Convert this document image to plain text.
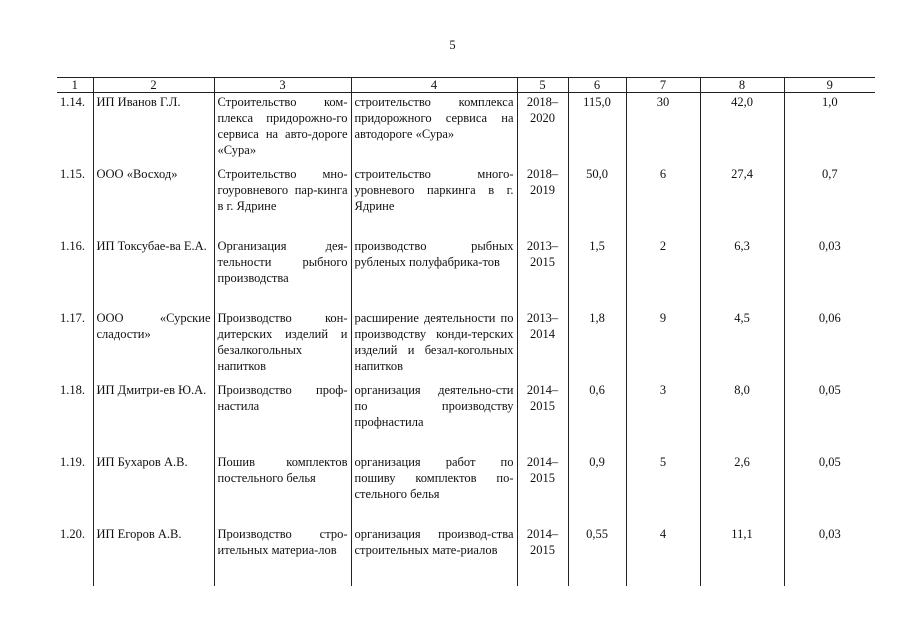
5
1	2	3	4	5	6	7	8	9
1.14.	ИП Иванов Г.Л.	Строительство ком-плекса придорожно-го сервиса на авто-дороге «Сура»	строительство комплекса придорожного сервиса на автодороге «Сура»	2018–2020	115,0	30	42,0	1,0
1.15.	ООО «Восход»	Строительство мно-гоуровневого пар-кинга в г. Ядрине	строительство много-уровневого паркинга в г. Ядрине	2018–2019	50,0	6	27,4	0,7
1.16.	ИП Токсубае-ва Е.А.	Организация дея-тельности рыбного производства	производство рыбных рубленых полуфабрика-тов	2013–2015	1,5	2	6,3	0,03
1.17.	ООО «Сурские сладости»	Производство кон-дитерских изделий и безалкогольных напитков	расширение деятельности по производству конди-терских изделий и безал-когольных напитков	2013–2014	1,8	9	4,5	0,06
1.18.	ИП Дмитри-ев Ю.А.	Производство проф-настила	организация деятельно-сти по производству профнастила	2014–2015	0,6	3	8,0	0,05
1.19.	ИП Бухаров А.В.	Пошив комплектов постельного белья	организация работ по пошиву комплектов по-стельного белья	2014–2015	0,9	5	2,6	0,05
1.20.	ИП Егоров А.В.	Производство стро-ительных материа-лов	организация производ-ства строительных мате-риалов	2014–2015	0,55	4	11,1	0,03
